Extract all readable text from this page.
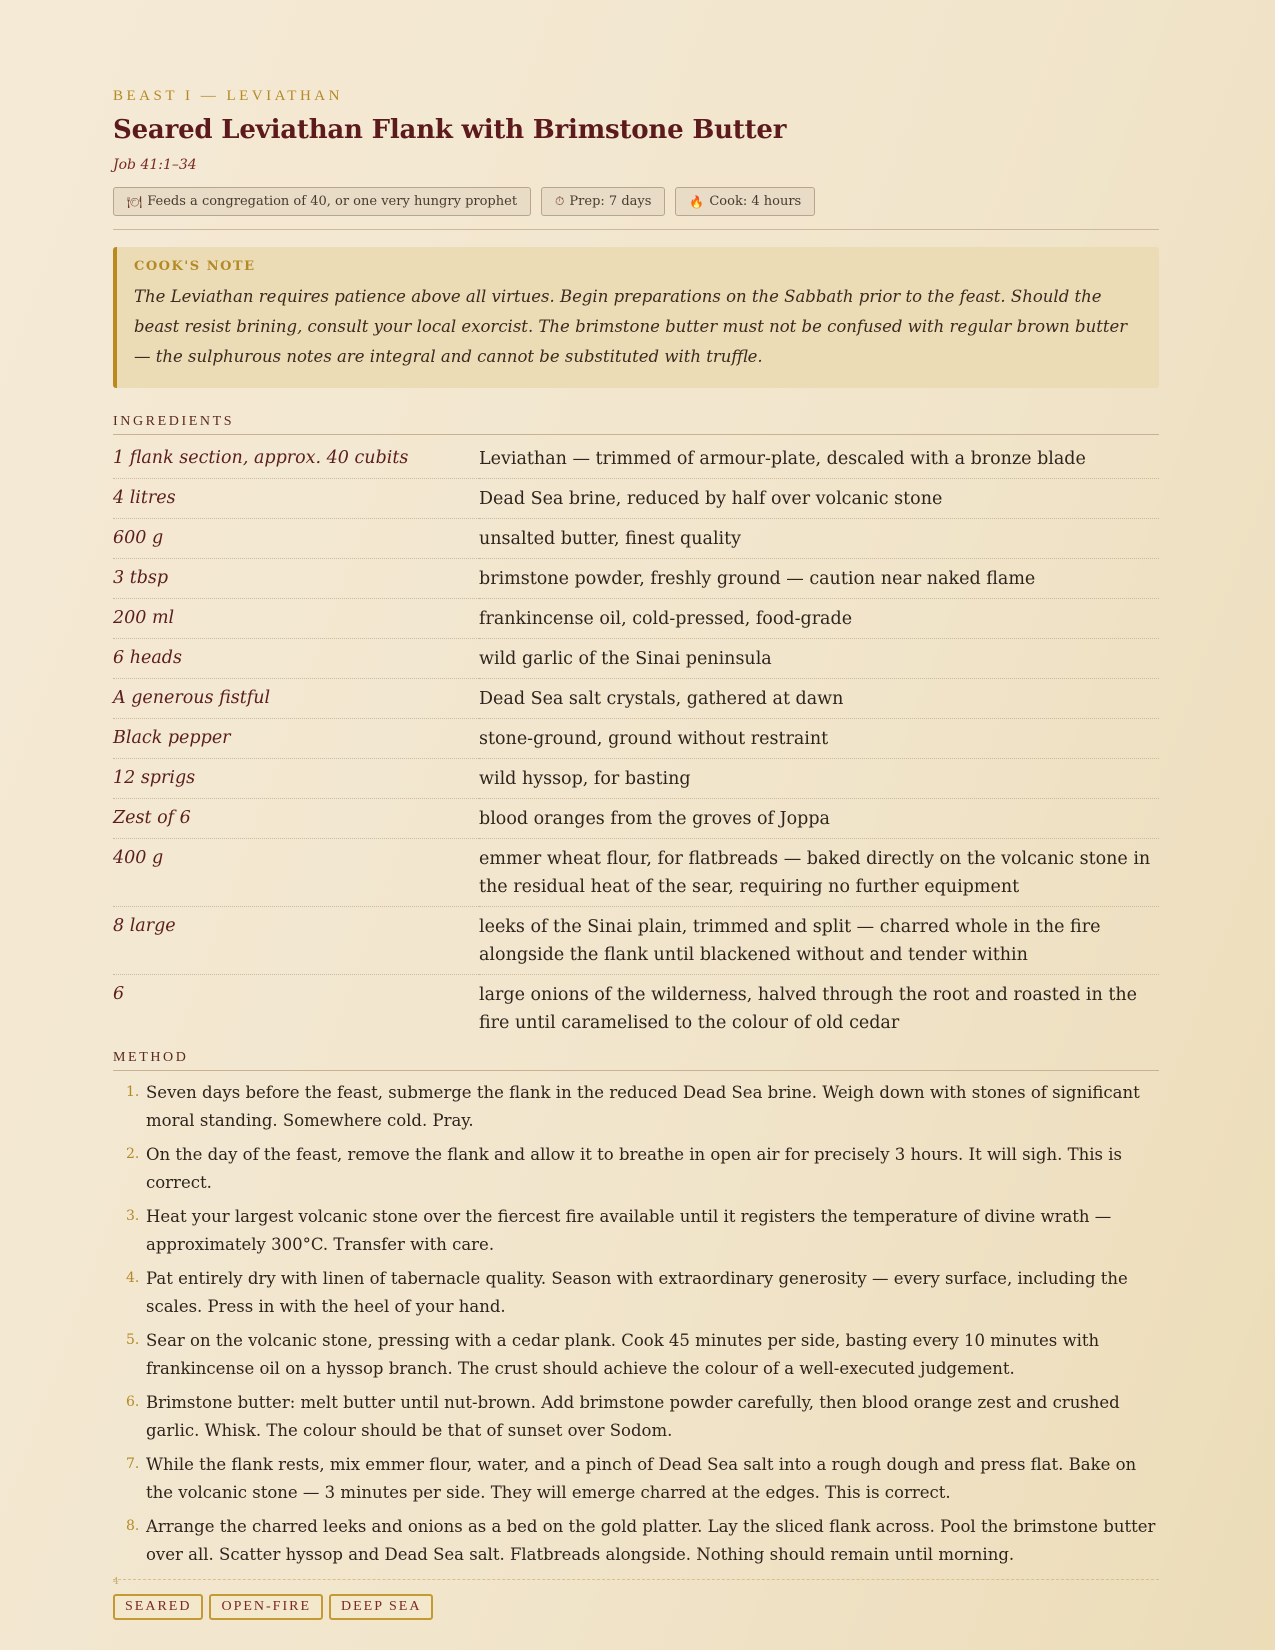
BEAST I — LEVIATHAN
Seared Leviathan Flank with Brimstone Butter
Job 41:1–34
🍽 Feeds a congregation of 40, or one very hungry prophet	⏱ Prep: 7 days	🔥 Cook: 4 hours
COOK'S NOTE
The Leviathan requires patience above all virtues. Begin preparations on the Sabbath prior to the feast. Should the beast resist brining, consult your local exorcist. The brimstone butter must not be confused with regular brown butter — the sulphurous notes are integral and cannot be substituted with truffle.
INGREDIENTS
1 flank section, approx. 40 cubits	Leviathan — trimmed of armour-plate, descaled with a bronze blade
4 litres	Dead Sea brine, reduced by half over volcanic stone
600 g	unsalted butter, finest quality
3 tbsp	brimstone powder, freshly ground — caution near naked flame
200 ml	frankincense oil, cold-pressed, food-grade
6 heads	wild garlic of the Sinai peninsula
A generous fistful	Dead Sea salt crystals, gathered at dawn
Black pepper	stone-ground, ground without restraint
12 sprigs	wild hyssop, for basting
Zest of 6	blood oranges from the groves of Joppa
400 g	emmer wheat flour, for flatbreads — baked directly on the volcanic stone in the residual heat of the sear, requiring no further equipment
8 large	leeks of the Sinai plain, trimmed and split — charred whole in the fire alongside the flank until blackened without and tender within
6	large onions of the wilderness, halved through the root and roasted in the fire until caramelised to the colour of old cedar
METHOD
1. Seven days before the feast, submerge the flank in the reduced Dead Sea brine. Weigh down with stones of significant moral standing. Somewhere cold. Pray.
2. On the day of the feast, remove the flank and allow it to breathe in open air for precisely 3 hours. It will sigh. This is correct.
3. Heat your largest volcanic stone over the fiercest fire available until it registers the temperature of divine wrath — approximately 300°C. Transfer with care.
4. Pat entirely dry with linen of tabernacle quality. Season with extraordinary generosity — every surface, including the scales. Press in with the heel of your hand.
5. Sear on the volcanic stone, pressing with a cedar plank. Cook 45 minutes per side, basting every 10 minutes with frankincense oil on a hyssop branch. The crust should achieve the colour of a well-executed judgement.
6. Brimstone butter: melt butter until nut-brown. Add brimstone powder carefully, then blood orange zest and crushed garlic. Whisk. The colour should be that of sunset over Sodom.
7. While the flank rests, mix emmer flour, water, and a pinch of Dead Sea salt into a rough dough and press flat. Bake on the volcanic stone — 3 minutes per side. They will emerge charred at the edges. This is correct.
8. Arrange the charred leeks and onions as a bed on the gold platter. Lay the sliced flank across. Pool the brimstone butter over all. Scatter hyssop and Dead Sea salt. Flatbreads alongside. Nothing should remain until morning.
4
SEARED	OPEN-FIRE	DEEP SEA
